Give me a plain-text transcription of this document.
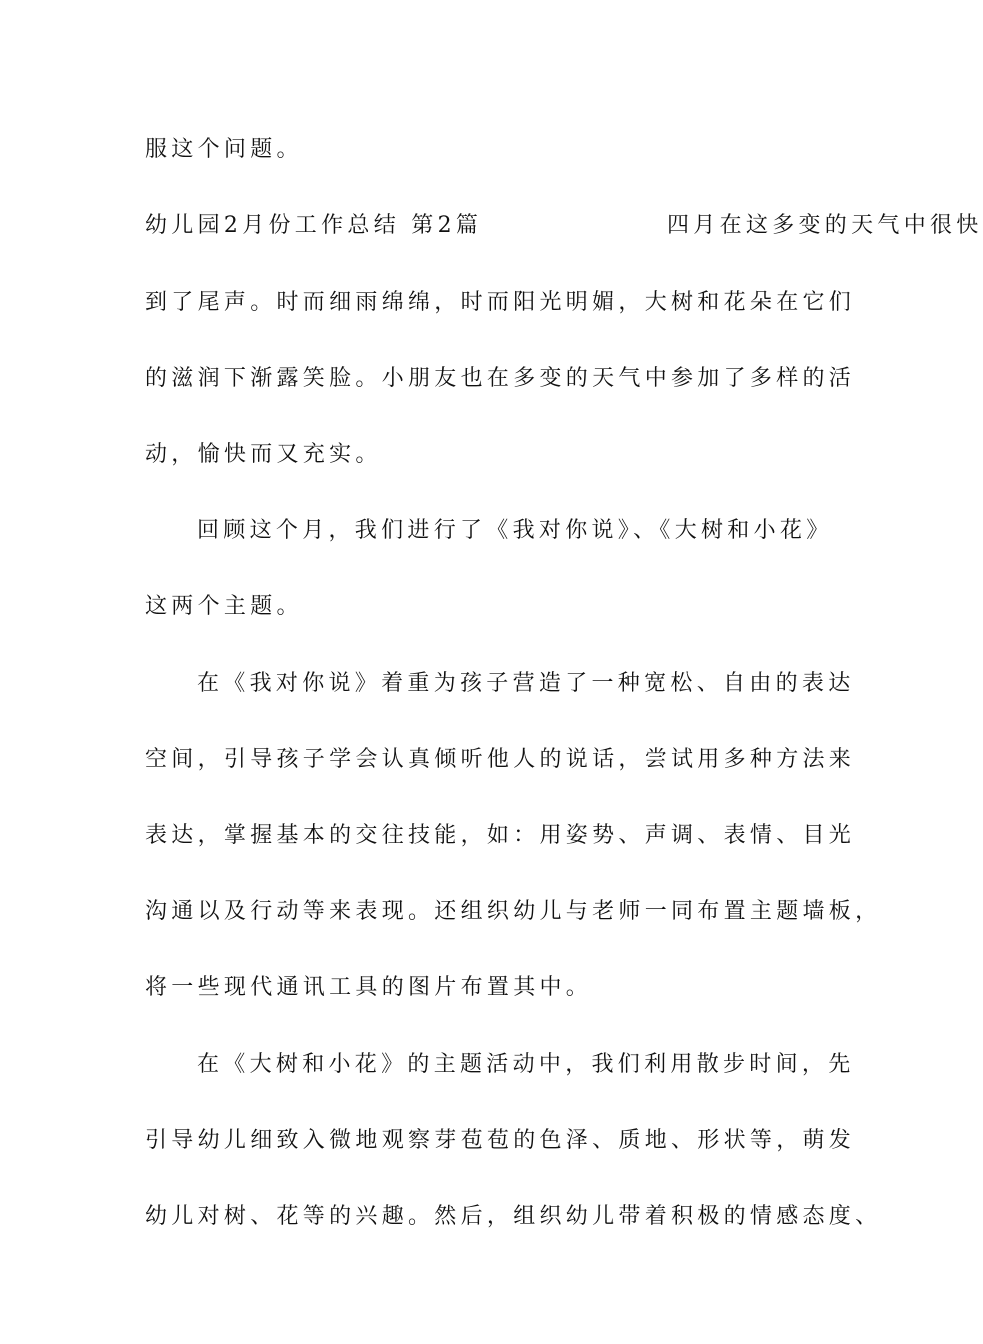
服这个问题。
幼儿园2月份工作总结 第2篇	四月在这多变的天气中很快
到了尾声。时而细雨绵绵，时而阳光明媚，大树和花朵在它们
的滋润下渐露笑脸。小朋友也在多变的天气中参加了多样的活
动，愉快而又充实。
回顾这个月，我们进行了《我对你说》、《大树和小花》
这两个主题。
在《我对你说》着重为孩子营造了一种宽松、自由的表达
空间，引导孩子学会认真倾听他人的说话，尝试用多种方法来
表达，掌握基本的交往技能，如：用姿势、声调、表情、目光
沟通以及行动等来表现。还组织幼儿与老师一同布置主题墙板，
将一些现代通讯工具的图片布置其中。
在《大树和小花》的主题活动中，我们利用散步时间，先
引导幼儿细致入微地观察芽苞苞的色泽、质地、形状等，萌发
幼儿对树、花等的兴趣。然后，组织幼儿带着积极的情感态度、
